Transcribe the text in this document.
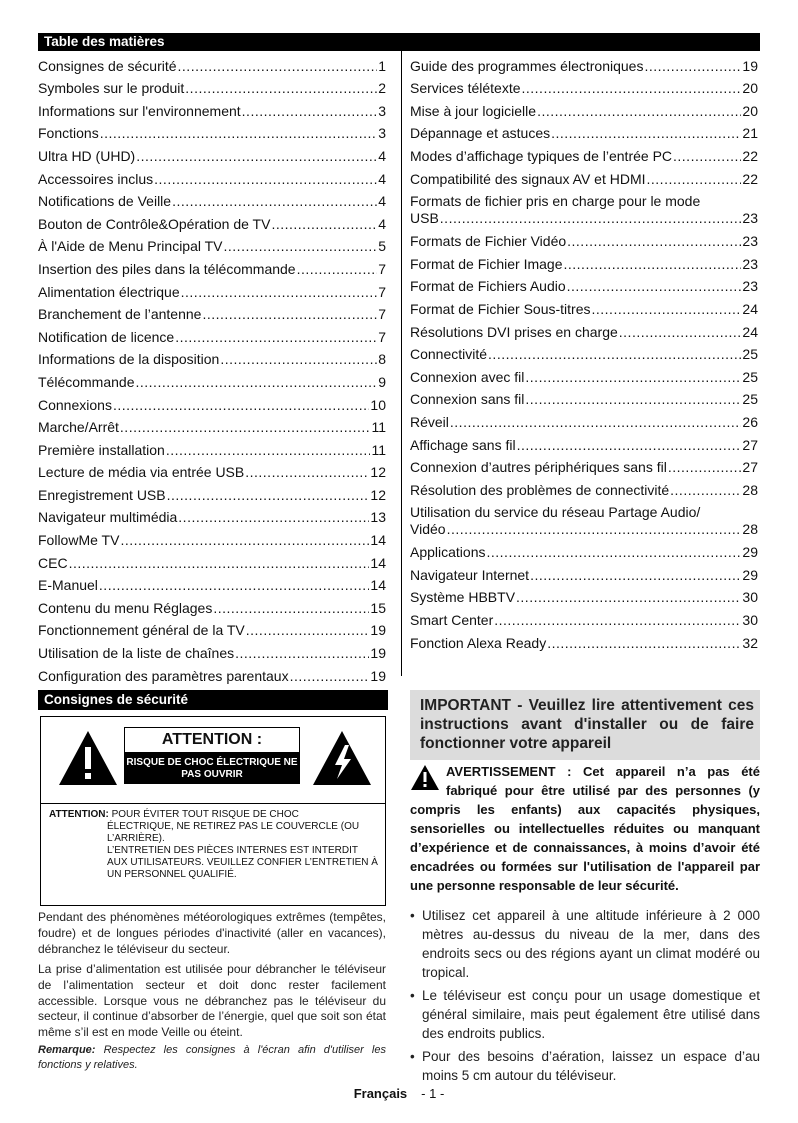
Table des matières
Consignes de sécurité .....	1
Symboles sur le produit .....	2
Informations sur l'environnement .....	3
Fonctions .....	3
Ultra HD (UHD) .....	4
Accessoires inclus .....	4
Notifications de Veille .....	4
Bouton de Contrôle&Opération de TV .....	4
À l'Aide de Menu Principal TV .....	5
Insertion des piles dans la télécommande .....	7
Alimentation électrique .....	7
Branchement de l’antenne .....	7
Notification de licence .....	7
Informations de la disposition .....	8
Télécommande .....	9
Connexions .....	10
Marche/Arrêt .....	11
Première installation .....	11
Lecture de média via entrée USB .....	12
Enregistrement USB .....	12
Navigateur multimédia .....	13
FollowMe TV .....	14
CEC .....	14
E-Manuel .....	14
Contenu du menu Réglages .....	15
Fonctionnement général de la TV .....	19
Utilisation de la liste de chaînes .....	19
Configuration des paramètres parentaux .....	19
Guide des programmes électroniques .....	19
Services télétexte .....	20
Mise à jour logicielle .....	20
Dépannage et astuces .....	21
Modes d’affichage typiques de l’entrée PC .....	22
Compatibilité des signaux AV et HDMI .....	22
Formats de fichier pris en charge pour le mode
USB .....	23
Formats de Fichier Vidéo .....	23
Format de Fichier Image .....	23
Format de Fichiers Audio .....	23
Format de Fichier Sous-titres .....	24
Résolutions DVI prises en charge .....	24
Connectivité .....	25
Connexion avec fil .....	25
Connexion sans fil .....	25
Réveil .....	26
Affichage sans fil .....	27
Connexion d’autres périphériques sans fil .....	27
Résolution des problèmes de connectivité .....	28
Utilisation du service du réseau Partage Audio/
Vidéo .....	28
Applications .....	29
Navigateur Internet .....	29
Système HBBTV .....	30
Smart Center .....	30
Fonction Alexa Ready .....	32
Consignes de sécurité
ATTENTION :
RISQUE DE CHOC ÉLECTRIQUE NE PAS OUVRIR
ATTENTION: POUR ÉVITER TOUT RISQUE DE CHOC
ÉLECTRIQUE, NE RETIREZ PAS LE COUVERCLE (OU L’ARRIÈRE).
L’ENTRETIEN DES PIÈCES INTERNES EST INTERDIT AUX UTILISATEURS. VEUILLEZ CONFIER L’ENTRETIEN À UN PERSONNEL QUALIFIÉ.
Pendant des phénomènes météorologiques extrêmes (tempêtes, foudre) et de longues périodes d'inactivité (aller en vacances), débranchez le téléviseur du secteur.
La prise d’alimentation est utilisée pour débrancher le téléviseur de l’alimentation secteur et doit donc rester facilement accessible. Lorsque vous ne débranchez pas le téléviseur du secteur, il continue d’absorber de l’énergie, quel que soit son état même s’il est en mode Veille ou éteint.
Remarque: Respectez les consignes à l'écran afin d'utiliser les fonctions y relatives.
IMPORTANT - Veuillez lire attentivement ces instructions avant d'installer ou de faire fonctionner votre appareil
AVERTISSEMENT : Cet appareil n’a pas été fabriqué pour être utilisé par des personnes (y compris les enfants) aux capacités physiques, sensorielles ou intellectuelles réduites ou manquant d’expérience et de connaissances, à moins d’avoir été encadrées ou formées sur l'utilisation de l'appareil par une personne responsable de leur sécurité.
• Utilisez cet appareil à une altitude inférieure à 2 000 mètres au-dessus du niveau de la mer, dans des endroits secs ou des régions ayant un climat modéré ou tropical.
• Le téléviseur est conçu pour un usage domestique et général similaire, mais peut également être utilisé dans des endroits publics.
• Pour des besoins d’aération, laissez un espace d’au moins 5 cm autour du téléviseur.
Français - 1 -
